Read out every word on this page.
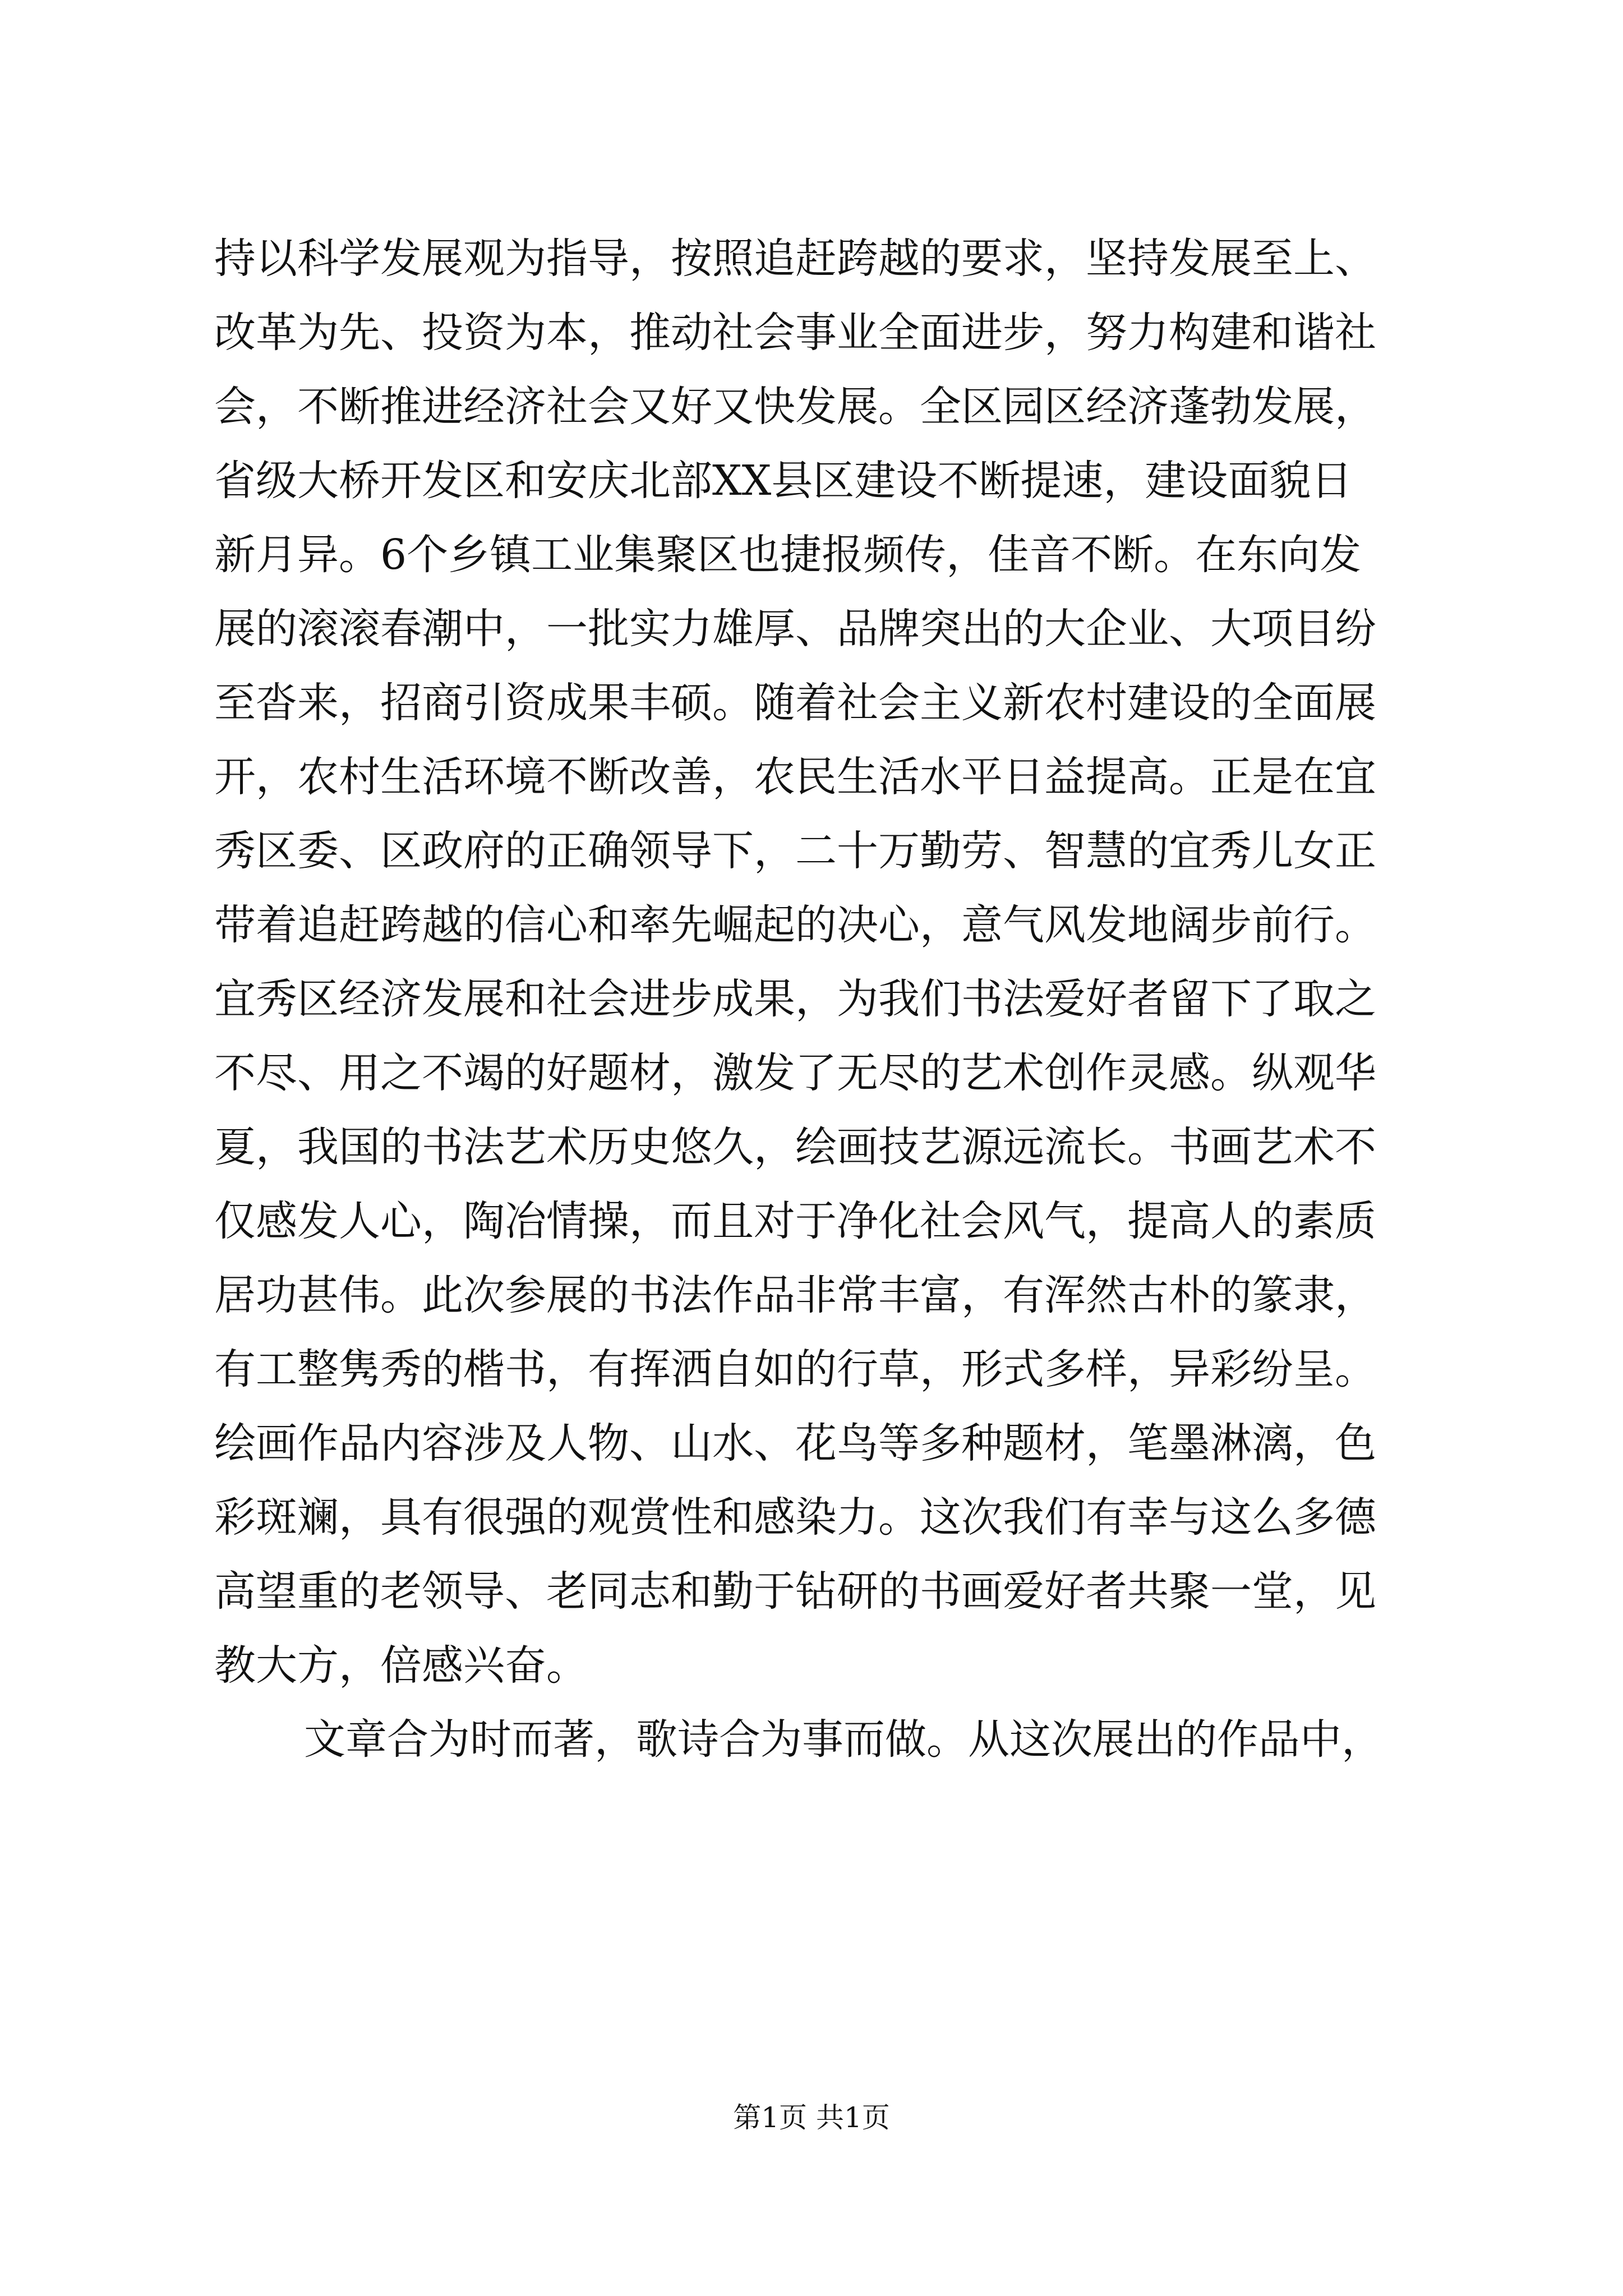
持以科学发展观为指导，按照追赶跨越的要求，坚持发展至上、
改革为先、投资为本，推动社会事业全面进步，努力构建和谐社
会，不断推进经济社会又好又快发展。全区园区经济蓬勃发展，
省级大桥开发区和安庆北部XX县区建设不断提速，建设面貌日
新月异。6个乡镇工业集聚区也捷报频传，佳音不断。在东向发
展的滚滚春潮中，一批实力雄厚、品牌突出的大企业、大项目纷
至沓来，招商引资成果丰硕。随着社会主义新农村建设的全面展
开，农村生活环境不断改善，农民生活水平日益提高。正是在宜
秀区委、区政府的正确领导下，二十万勤劳、智慧的宜秀儿女正
带着追赶跨越的信心和率先崛起的决心，意气风发地阔步前行。
宜秀区经济发展和社会进步成果，为我们书法爱好者留下了取之
不尽、用之不竭的好题材，激发了无尽的艺术创作灵感。纵观华
夏，我国的书法艺术历史悠久，绘画技艺源远流长。书画艺术不
仅感发人心，陶冶情操，而且对于净化社会风气，提高人的素质
居功甚伟。此次参展的书法作品非常丰富，有浑然古朴的篆隶，
有工整隽秀的楷书，有挥洒自如的行草，形式多样，异彩纷呈。
绘画作品内容涉及人物、山水、花鸟等多种题材，笔墨淋漓，色
彩斑斓，具有很强的观赏性和感染力。这次我们有幸与这么多德
高望重的老领导、老同志和勤于钻研的书画爱好者共聚一堂，见
教大方，倍感兴奋。
文章合为时而著，歌诗合为事而做。从这次展出的作品中，
第1页 共1页
